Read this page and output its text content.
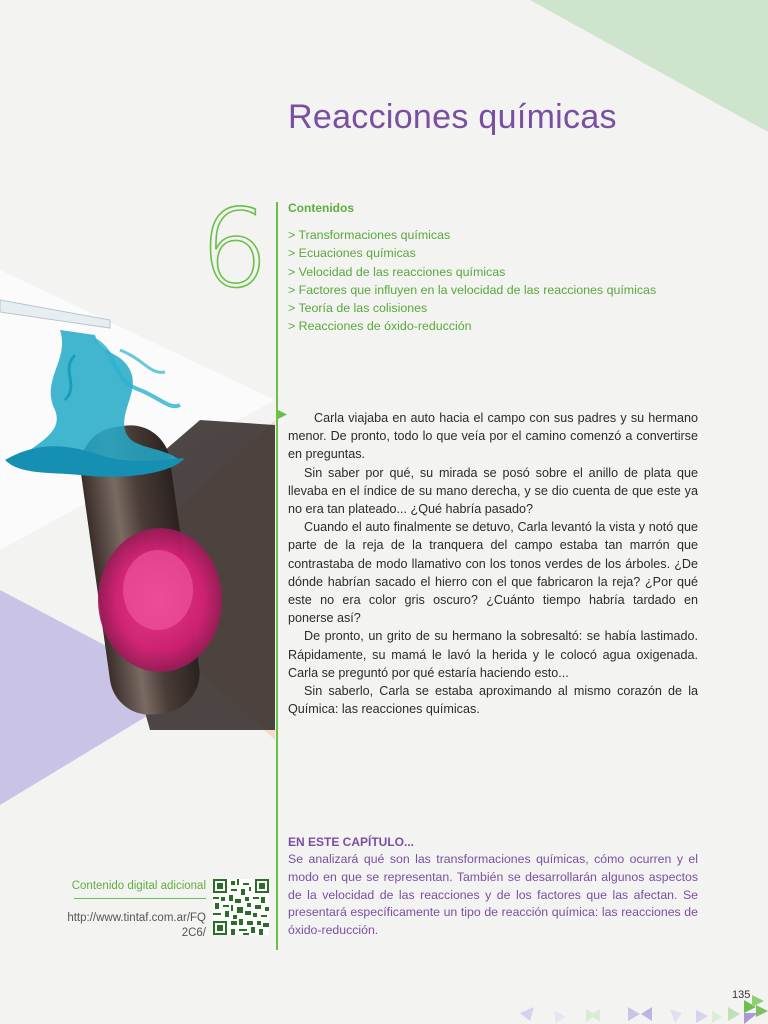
Reacciones químicas
6 Contenidos
> Transformaciones químicas
> Ecuaciones químicas
> Velocidad de las reacciones químicas
> Factores que influyen en la velocidad de las reacciones químicas
> Teoría de las colisiones
> Reacciones de óxido-reducción

Carla viajaba en auto hacia el campo con sus padres y su hermano menor. De pronto, todo lo que veía por el camino comenzó a convertirse en preguntas.

Sin saber por qué, su mirada se posó sobre el anillo de plata que llevaba en el índice de su mano derecha, y se dio cuenta de que este ya no era tan plateado... ¿Qué habría pasado?

Cuando el auto finalmente se detuvo, Carla levantó la vista y notó que parte de la reja de la tranquera del campo estaba tan marrón que contrastaba de modo llamativo con los tonos verdes de los árboles. ¿De dónde habrían sacado el hierro con el que fabricaron la reja? ¿Por qué este no era color gris oscuro? ¿Cuánto tiempo habría tardado en ponerse así?

De pronto, un grito de su hermano la sobresaltó: se había lastimado. Rápidamente, su mamá le lavó la herida y le colocó agua oxigenada. Carla se preguntó por qué estaría haciendo esto...

Sin saberlo, Carla se estaba aproximando al mismo corazón de la Química: las reacciones químicas.

EN ESTE CAPÍTULO...

Se analizará qué son las transformaciones químicas, cómo ocurren y el modo en que se representan. También se desarrollarán algunos aspectos de la velocidad de las reacciones y de los factores que las afectan. Se presentará específicamente un tipo de reacción química: las reacciones de óxido-reducción.

Contenido digital adicional
http://www.tintaf.com.ar/FQ2C6/
135
